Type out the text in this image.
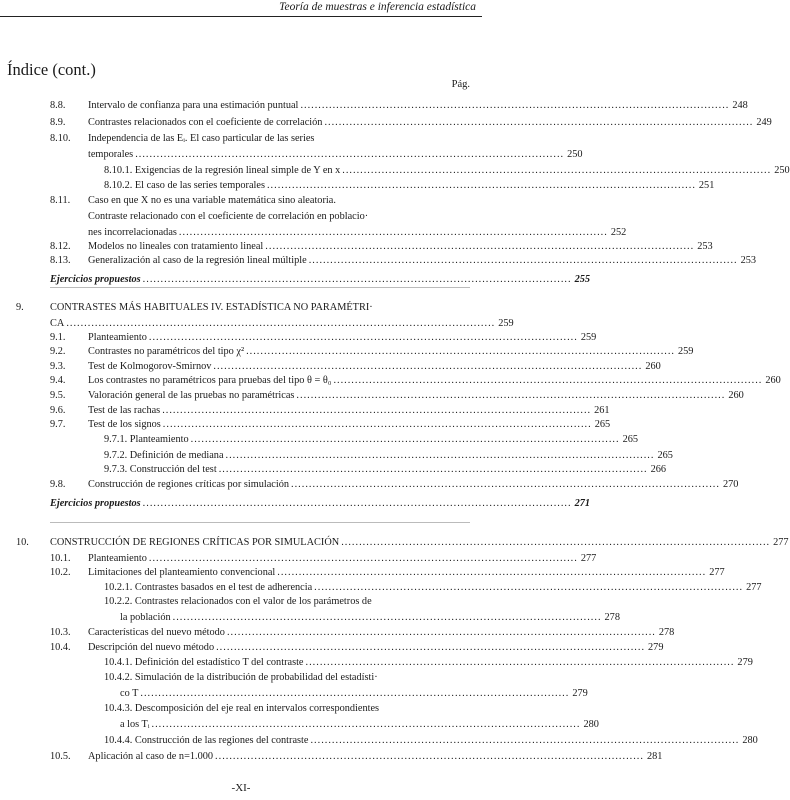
Teoría de muestras e inferencia estadística
Índice (cont.)
Pág.
8.8. Intervalo de confianza para una estimación puntual ........................................................................................................................ 248
8.9. Contrastes relacionados con el coeficiente de correlación ........................................................................................................................ 249
8.10. Independencia de las Eᵢ. El caso particular de las series
temporales ........................................................................................................................ 250
8.10.1. Exigencias de la regresión lineal simple de Y en x ........................................................................................................................ 250
8.10.2. El caso de las series temporales ........................................................................................................................ 251
8.11. Caso en que X no es una variable matemática sino aleatoria.
Contraste relacionado con el coeficiente de correlación en poblacio·
nes incorrelacionadas ........................................................................................................................ 252
8.12. Modelos no lineales con tratamiento lineal ........................................................................................................................ 253
8.13. Generalización al caso de la regresión lineal múltiple ........................................................................................................................ 253
Ejercicios propuestos ........................................................................................................................ 255
9.	CONTRASTES MÁS HABITUALES IV. ESTADÍSTICA NO PARAMÉTRI·
CA ........................................................................................................................ 259
9.1. Planteamiento ........................................................................................................................ 259
9.2. Contrastes no paramétricos del tipo χ² ........................................................................................................................ 259
9.3. Test de Kolmogorov-Smirnov ........................................................................................................................ 260
9.4. Los contrastes no paramétricos para pruebas del tipo θ = θ₀ ........................................................................................................................ 260
9.5. Valoración general de las pruebas no paramétricas ........................................................................................................................ 260
9.6. Test de las rachas ........................................................................................................................ 261
9.7. Test de los signos ........................................................................................................................ 265
9.7.1. Planteamiento ........................................................................................................................ 265
9.7.2. Definición de mediana ........................................................................................................................ 265
9.7.3. Construcción del test ........................................................................................................................ 266
9.8. Construcción de regiones críticas por simulación ........................................................................................................................ 270
Ejercicios propuestos ........................................................................................................................ 271
10. CONSTRUCCIÓN DE REGIONES CRÍTICAS POR SIMULACIÓN ........................................................................................................................ 277
10.1. Planteamiento ........................................................................................................................ 277
10.2. Limitaciones del planteamiento convencional ........................................................................................................................ 277
10.2.1. Contrastes basados en el test de adherencia ........................................................................................................................ 277
10.2.2. Contrastes relacionados con el valor de los parámetros de
la población ........................................................................................................................ 278
10.3. Características del nuevo método ........................................................................................................................ 278
10.4. Descripción del nuevo método ........................................................................................................................ 279
10.4.1. Definición del estadístico T del contraste ........................................................................................................................ 279
10.4.2. Simulación de la distribución de probabilidad del estadísti·
co T ........................................................................................................................ 279
10.4.3. Descomposición del eje real en intervalos correspondientes
a los Tᵢ ........................................................................................................................ 280
10.4.4. Construcción de las regiones del contraste ........................................................................................................................ 280
10.5. Aplicación al caso de n=1.000 ........................................................................................................................ 281
-XI-
